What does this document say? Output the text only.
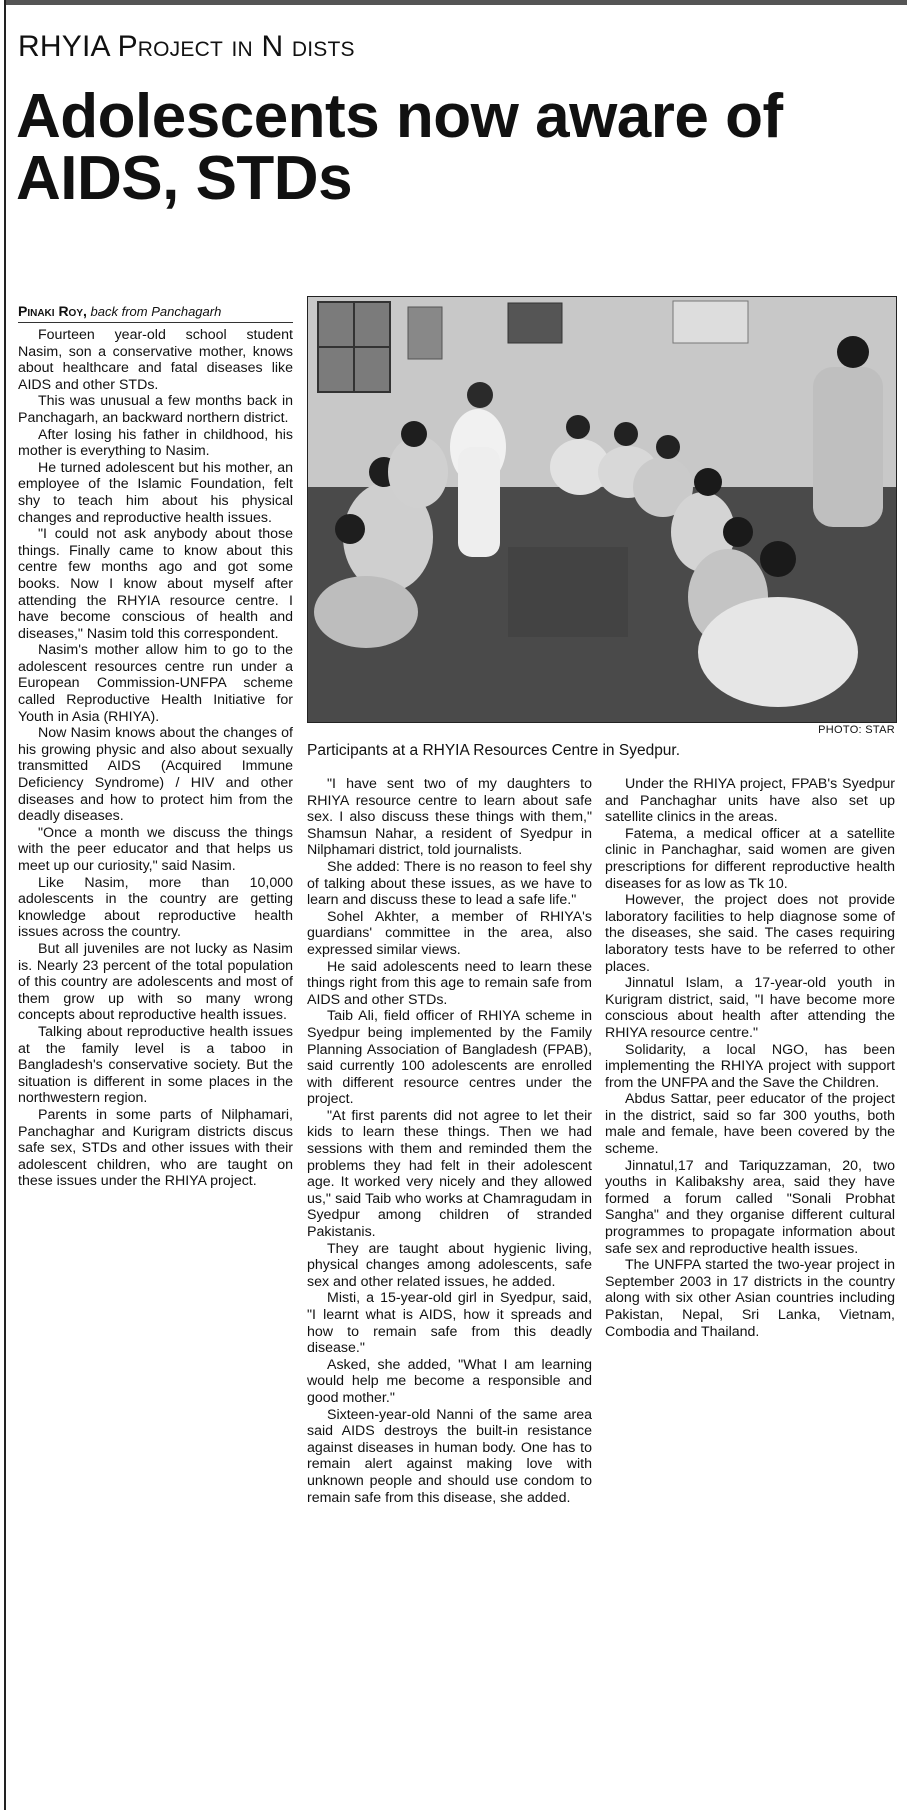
RHYIA Project in N dists
Adolescents now aware of AIDS, STDs
Pinaki Roy, back from Panchagarh
PHOTO: STAR
Participants at a RHYIA Resources Centre in Syedpur.

Fourteen year-old school student Nasim, son a conservative mother, knows about healthcare and fatal diseases like AIDS and other STDs.

This was unusual a few months back in Panchagarh, an backward northern district.

After losing his father in childhood, his mother is everything to Nasim.

He turned adolescent but his mother, an employee of the Islamic Foundation, felt shy to teach him about his physical changes and reproductive health issues.

"I could not ask anybody about those things. Finally came to know about this centre few months ago and got some books. Now I know about myself after attending the RHYIA resource centre. I have become conscious of health and diseases," Nasim told this correspondent.

Nasim's mother allow him to go to the adolescent resources centre run under a European Commission-UNFPA scheme called Reproductive Health Initiative for Youth in Asia (RHIYA).

Now Nasim knows about the changes of his growing physic and also about sexually transmitted AIDS (Acquired Immune Deficiency Syndrome) / HIV and other diseases and how to protect him from the deadly diseases.

"Once a month we discuss the things with the peer educator and that helps us meet up our curiosity," said Nasim.

Like Nasim, more than 10,000 adolescents in the country are getting knowledge about reproductive health issues across the country.

But all juveniles are not lucky as Nasim is. Nearly 23 percent of the total population of this country are adolescents and most of them grow up with so many wrong concepts about reproductive health issues.

Talking about reproductive health issues at the family level is a taboo in Bangladesh's conservative society. But the situation is different in some places in the northwestern region.

Parents in some parts of Nilphamari, Panchaghar and Kurigram districts discus safe sex, STDs and other issues with their adolescent children, who are taught on these issues under the RHIYA project.

"I have sent two of my daughters to RHIYA resource centre to learn about safe sex. I also discuss these things with them," Shamsun Nahar, a resident of Syedpur in Nilphamari district, told journalists.

She added: There is no reason to feel shy of talking about these issues, as we have to learn and discuss these to lead a safe life."

Sohel Akhter, a member of RHIYA's guardians' committee in the area, also expressed similar views.

He said adolescents need to learn these things right from this age to remain safe from AIDS and other STDs.

Taib Ali, field officer of RHIYA scheme in Syedpur being implemented by the Family Planning Association of Bangladesh (FPAB), said currently 100 adolescents are enrolled with different resource centres under the project.

"At first parents did not agree to let their kids to learn these things. Then we had sessions with them and reminded them the problems they had felt in their adolescent age. It worked very nicely and they allowed us," said Taib who works at Chamragudam in Syedpur among children of stranded Pakistanis.

They are taught about hygienic living, physical changes among adolescents, safe sex and other related issues, he added.

Misti, a 15-year-old girl in Syedpur, said, "I learnt what is AIDS, how it spreads and how to remain safe from this deadly disease."

Asked, she added, "What I am learning would help me become a responsible and good mother."

Sixteen-year-old Nanni of the same area said AIDS destroys the built-in resistance against diseases in human body. One has to remain alert against making love with unknown people and should use condom to remain safe from this disease, she added.

Under the RHIYA project, FPAB's Syedpur and Panchaghar units have also set up satellite clinics in the areas.

Fatema, a medical officer at a satellite clinic in Panchaghar, said women are given prescriptions for different reproductive health diseases for as low as Tk 10.

However, the project does not provide laboratory facilities to help diagnose some of the diseases, she said. The cases requiring laboratory tests have to be referred to other places.

Jinnatul Islam, a 17-year-old youth in Kurigram district, said, "I have become more conscious about health after attending the RHIYA resource centre."

Solidarity, a local NGO, has been implementing the RHIYA project with support from the UNFPA and the Save the Children.

Abdus Sattar, peer educator of the project in the district, said so far 300 youths, both male and female, have been covered by the scheme.

Jinnatul,17 and Tariquzzaman, 20, two youths in Kalibakshy area, said they have formed a forum called "Sonali Probhat Sangha" and they organise different cultural programmes to propagate information about safe sex and reproductive health issues.

The UNFPA started the two-year project in September 2003 in 17 districts in the country along with six other Asian countries including Pakistan, Nepal, Sri Lanka, Vietnam, Combodia and Thailand.
